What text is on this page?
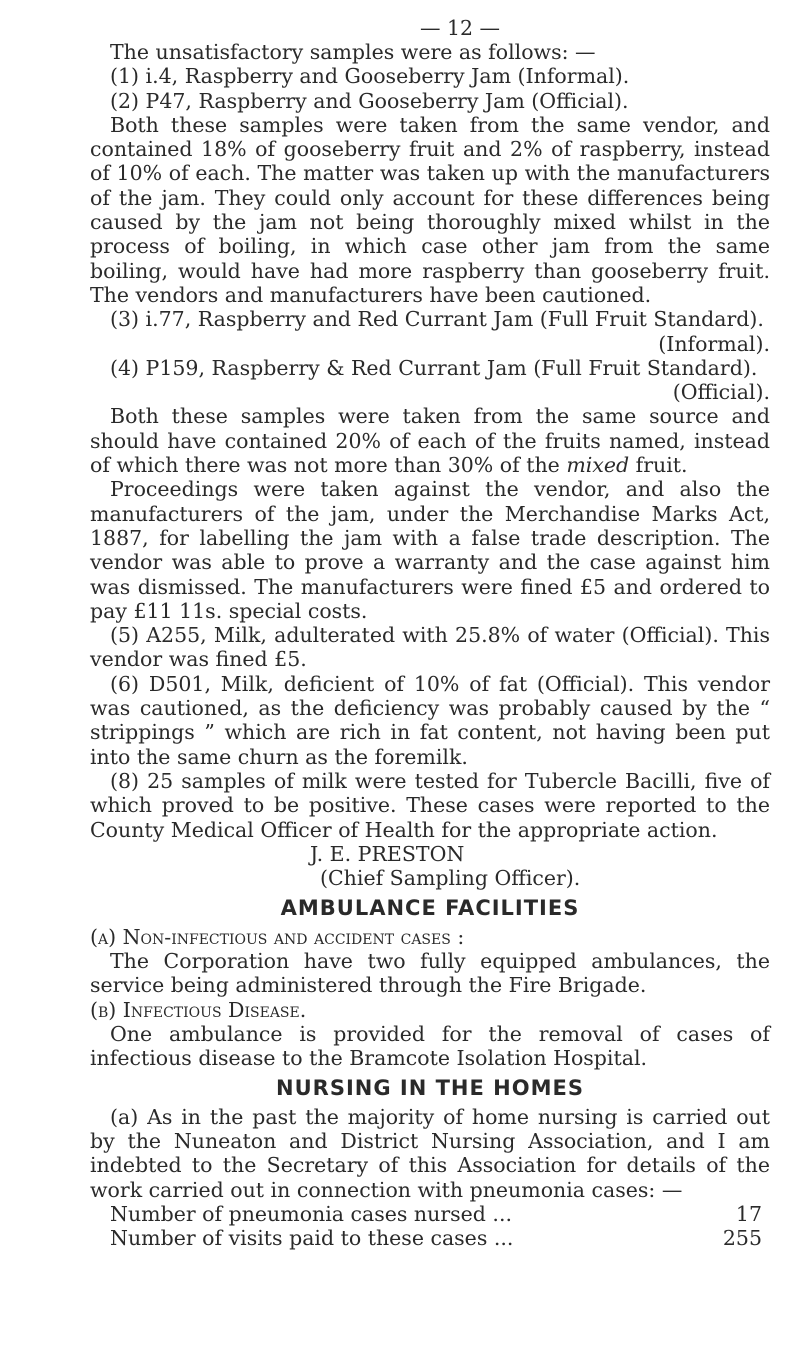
— 12 —

The unsatisfactory samples were as follows: —

(1) i.4, Raspberry and Gooseberry Jam (Informal).

(2) P47, Raspberry and Gooseberry Jam (Official).

Both these samples were taken from the same vendor, and contained 18% of gooseberry fruit and 2% of raspberry, instead of 10% of each. The matter was taken up with the manufacturers of the jam. They could only account for these differences being caused by the jam not being thoroughly mixed whilst in the process of boiling, in which case other jam from the same boiling, would have had more raspberry than gooseberry fruit. The vendors and manufacturers have been cautioned.

(3) i.77, Raspberry and Red Currant Jam (Full Fruit Standard).

(Informal).

(4) P159, Raspberry & Red Currant Jam (Full Fruit Standard).

(Official).

Both these samples were taken from the same source and should have contained 20% of each of the fruits named, instead of which there was not more than 30% of the mixed fruit.

Proceedings were taken against the vendor, and also the manufacturers of the jam, under the Merchandise Marks Act, 1887, for labelling the jam with a false trade description. The vendor was able to prove a warranty and the case against him was dismissed. The manufacturers were fined £5 and ordered to pay £11 11s. special costs.

(5) A255, Milk, adulterated with 25.8% of water (Official). This vendor was fined £5.

(6) D501, Milk, deficient of 10% of fat (Official). This vendor was cautioned, as the deficiency was probably caused by the “ strippings ” which are rich in fat content, not having been put into the same churn as the foremilk.

(8) 25 samples of milk were tested for Tubercle Bacilli, five of which proved to be positive. These cases were reported to the County Medical Officer of Health for the appropriate action.

J. E. PRESTON

(Chief Sampling Officer).

AMBULANCE FACILITIES

(a) Non-infectious and accident cases :

The Corporation have two fully equipped ambulances, the service being administered through the Fire Brigade.

(b) Infectious Disease.

One ambulance is provided for the removal of cases of infectious disease to the Bramcote Isolation Hospital.

NURSING IN THE HOMES

(a) As in the past the majority of home nursing is carried out by the Nuneaton and District Nursing Association, and I am indebted to the Secretary of this Association for details of the work carried out in connection with pneumonia cases: —

Number of pneumonia cases nursed ...	17
Number of visits paid to these cases ...	255
